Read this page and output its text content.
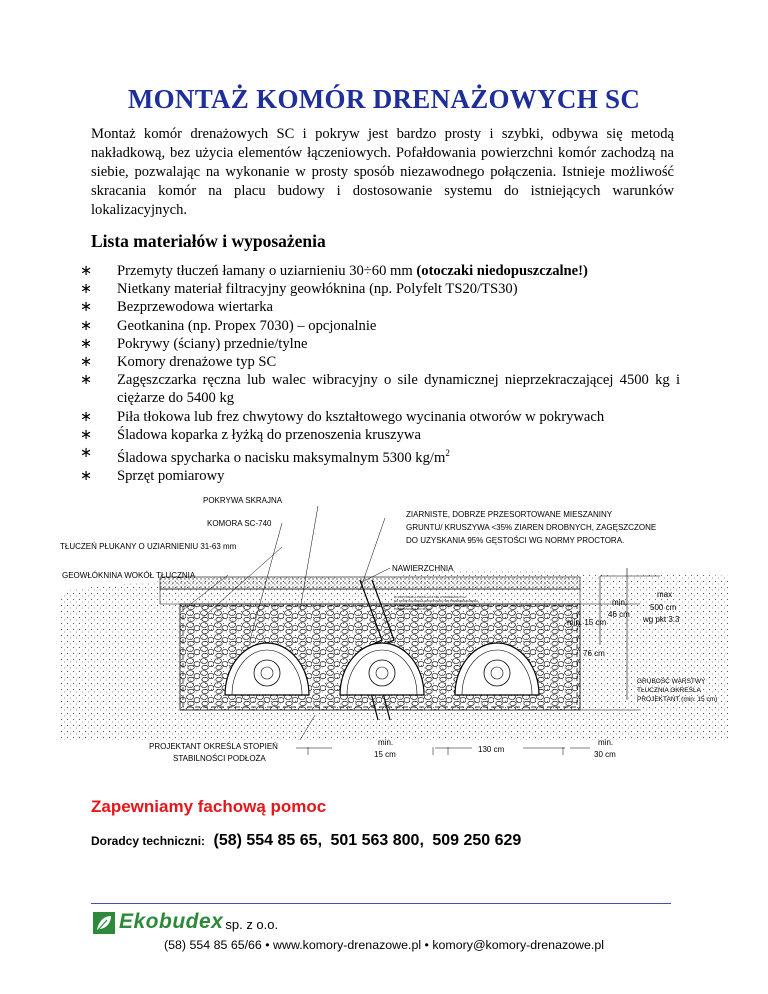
MONTAŻ KOMÓR DRENAŻOWYCH SC
Montaż komór drenażowych SC i pokryw jest bardzo prosty i szybki, odbywa się metodą nakładkową, bez użycia elementów łączeniowych. Pofałdowania powierzchni komór zachodzą na siebie, pozwalając na wykonanie w prosty sposób niezawodnego połączenia. Istnieje możliwość skracania komór na placu budowy i dostosowanie systemu do istniejących warunków lokalizacyjnych.
Lista materiałów i wyposażenia
∗ Przemyty tłuczeń łamany o uziarnieniu 30÷60 mm (otoczaki niedopuszczalne!)
∗ Nietkany materiał filtracyjny geowłóknina (np. Polyfelt TS20/TS30)
∗ Bezprzewodowa wiertarka
∗ Geotkanina (np. Propex 7030) – opcjonalnie
∗ Pokrywy (ściany) przednie/tylne
∗ Komory drenażowe typ SC
∗ Zagęszczarka ręczna lub walec wibracyjny o sile dynamicznej nieprzekraczającej 4500 kg i ciężarze do 5400 kg
∗ Piła tłokowa lub frez chwytowy do kształtowego wycinania otworów w pokrywach
∗ Śladowa koparka z łyżką do przenoszenia kruszywa
∗ Śladowa spycharka o nacisku maksymalnym 5300 $kg/m^2$
∗ Sprzęt pomiarowy
POKRYWA SKRAJNA
KOMORA SC-740
TŁUCZEŃ PŁUKANY O UZIARNIENIU 31-63 mm
GEOWŁÓKNINA WOKÓŁ TŁUCZNIA
ZIARNISTE, DOBRZE PRZESORTOWANE MIESZANINY
GRUNTU/ KRUSZYWA <35% ZIAREN DROBNYCH, ZAGĘSZCZONE
DO UZYSKANIA 95% GĘSTOŚCI WG NORMY PROCTORA.
NAWIERZCHNIA
W PRZYPADKU INSTALACJI NIE UTWARDZONYCH,
NA KTÓRYCH MOGĄ SPOCZYWAĆ SIĘ PRZEMIESZCZENIA
POJAZDÓW, GRUBOŚĆ NAWIERZCHNI POWINNA ZOSTAĆ
POWIĘKSZONA DO 61 cm
min.
46 cm
min. 15 cm
max
500 cm
wg pkt 3.3
76 cm
GRUBOŚĆ WARSTWY
TŁUCZNIA OKREŚLA
PROJEKTANT (min. 15 cm)
PROJEKTANT OKREŚLA STOPIEŃ
STABILNOŚCI PODŁOŻA
min.
15 cm
130 cm
min.
30 cm
Zapewniamy fachową pomoc
Doradcy techniczni: (58) 554 85 65, 501 563 800, 509 250 629
Ekobudex sp. z o.o.
(58) 554 85 65/66 • www.komory-drenazowe.pl • komory@komory-drenazowe.pl
